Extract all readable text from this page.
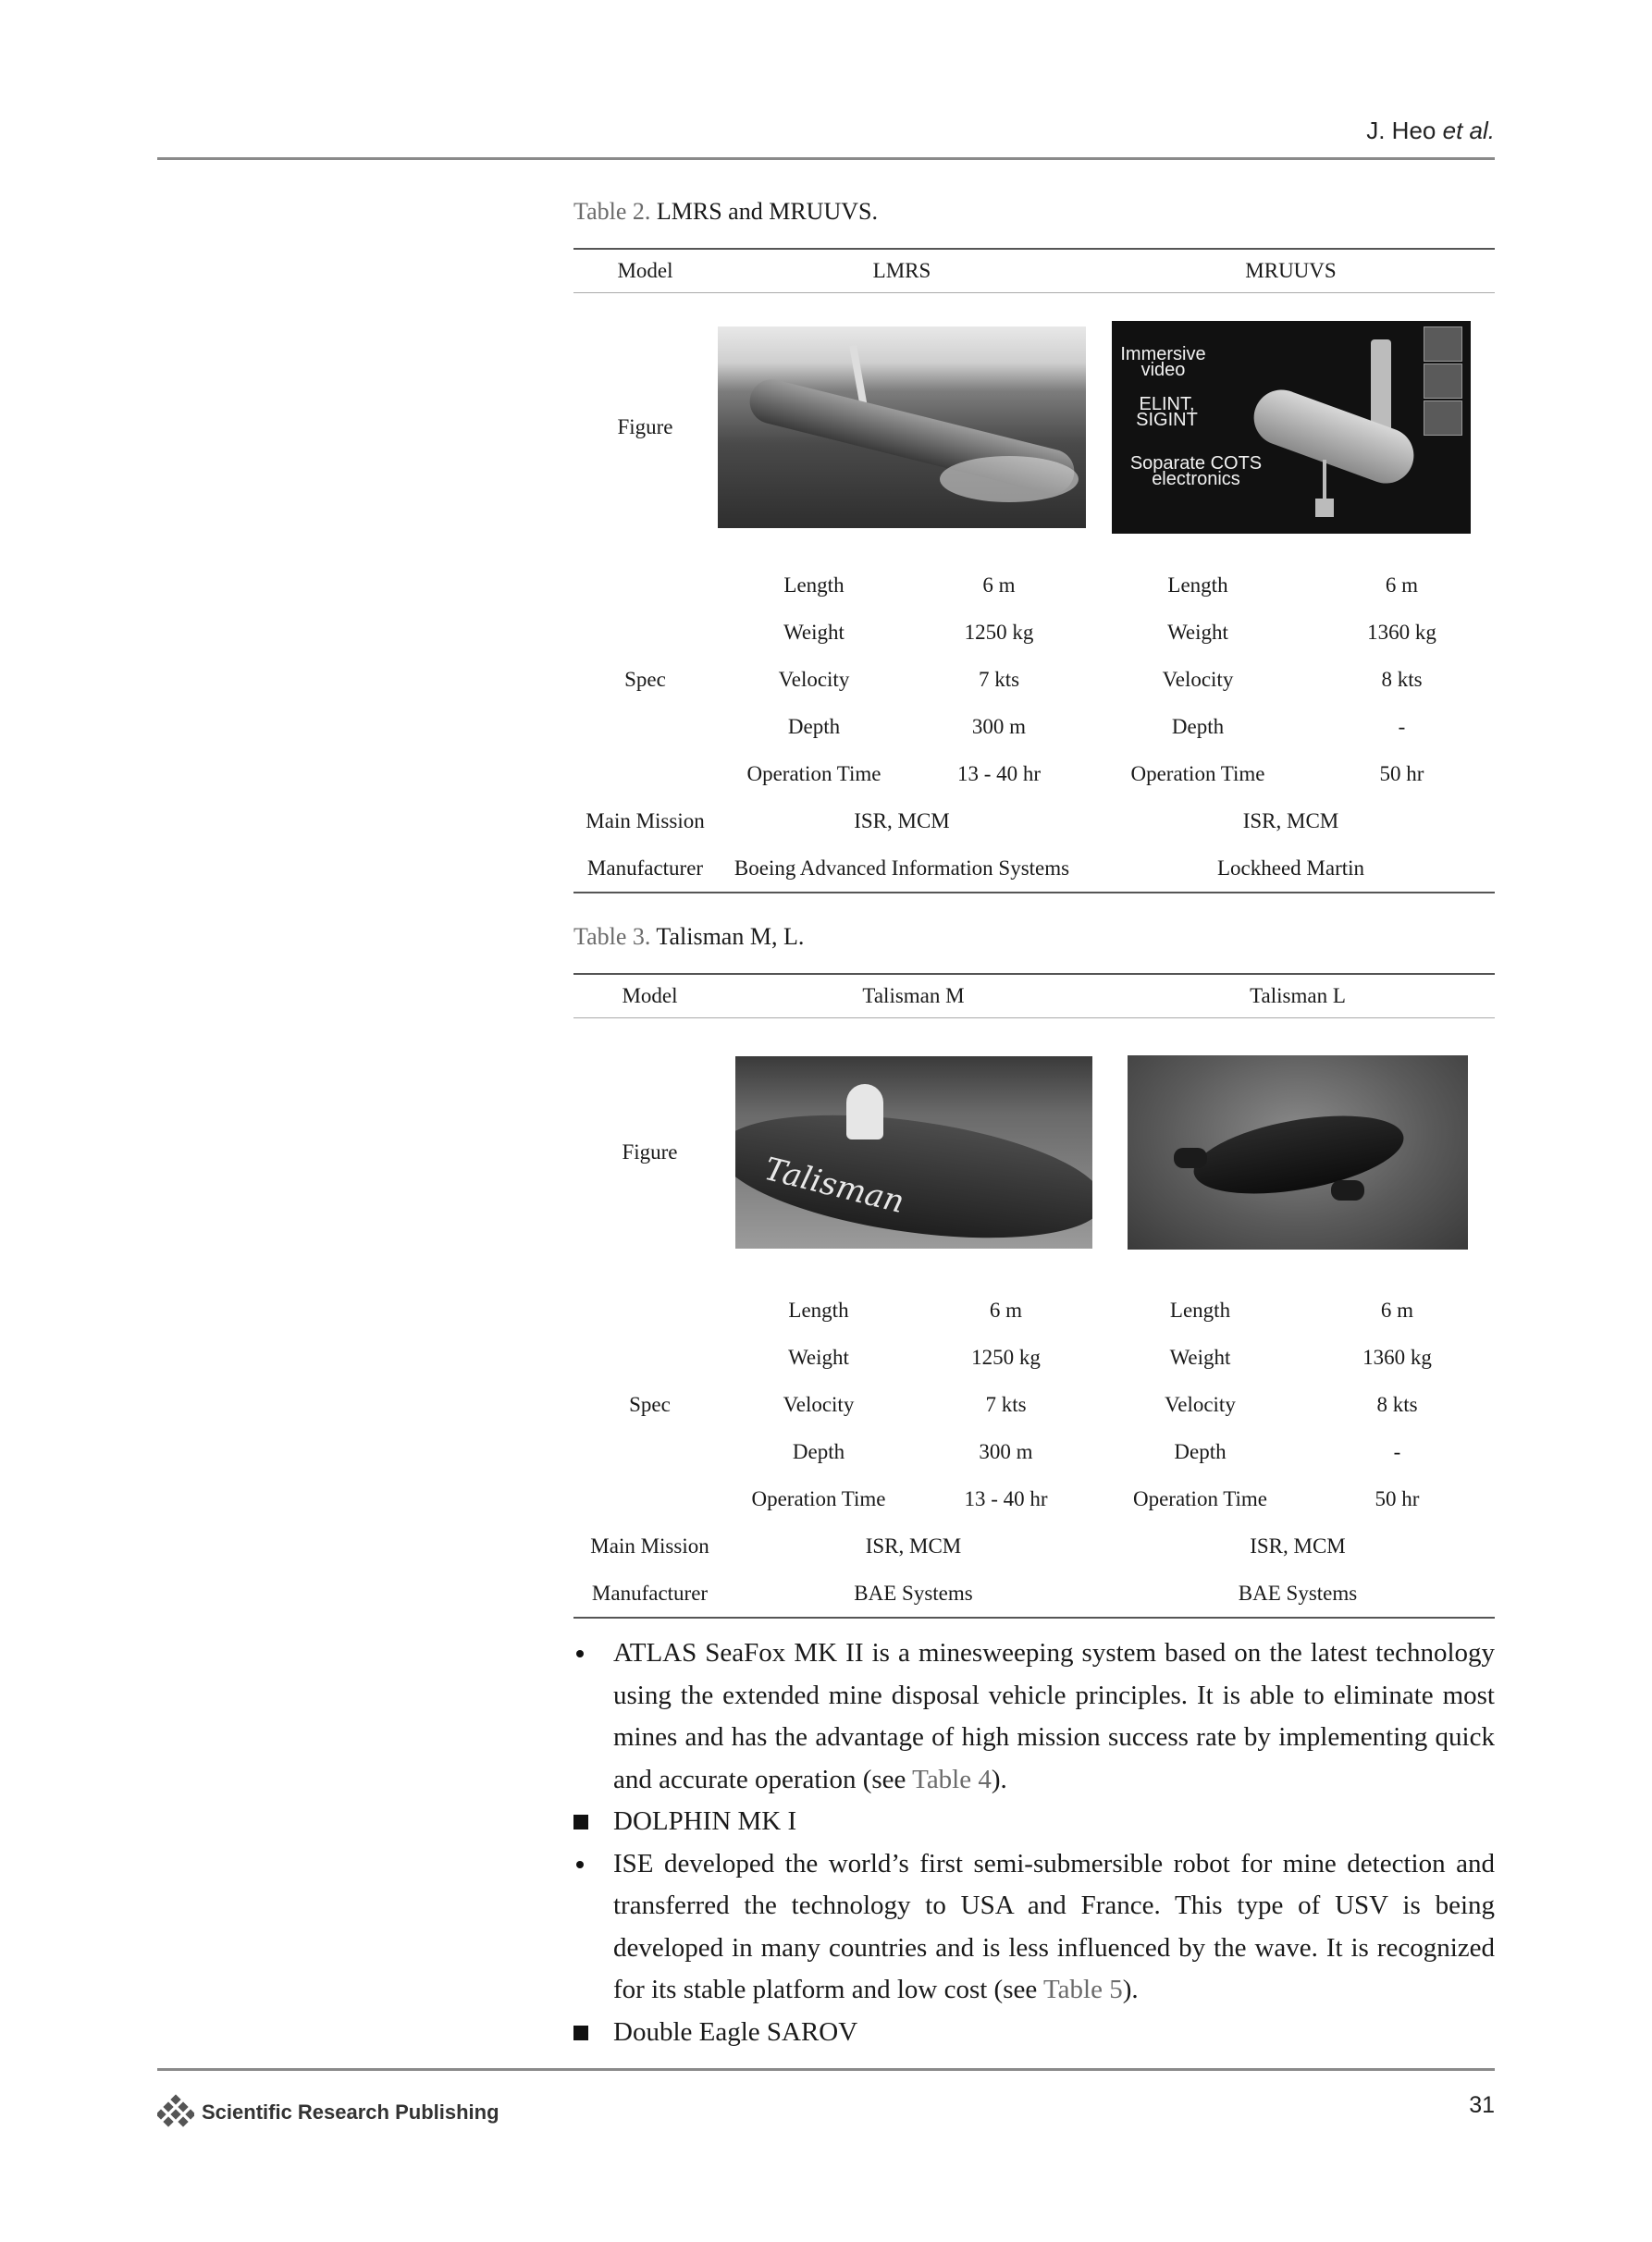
J. Heo et al.
Table 2. LMRS and MRUUVS.
Model	LMRS		MRUUVS	
Figure			Immersive video
ELINT, SIGINT
Soparate COTS electronics	

Spec	Length	6 m	Length	6 m
	Weight	1250 kg	Weight	1360 kg
	Velocity	7 kts	Velocity	8 kts
	Depth	300 m	Depth	-
	Operation Time	13 - 40 hr	Operation Time	50 hr
Main Mission	ISR, MCM		ISR, MCM	
Manufacturer	Boeing Advanced Information Systems		Lockheed Martin	
Table 3. Talisman M, L.
Model	Talisman M		Talisman L	
Figure	Talisman			

Spec	Length	6 m	Length	6 m
	Weight	1250 kg	Weight	1360 kg
	Velocity	7 kts	Velocity	8 kts
	Depth	300 m	Depth	-
	Operation Time	13 - 40 hr	Operation Time	50 hr
Main Mission	ISR, MCM		ISR, MCM	
Manufacturer	BAE Systems		BAE Systems	
ATLAS SeaFox MK II is a minesweeping system based on the latest technology using the extended mine disposal vehicle principles. It is able to eliminate most mines and has the advantage of high mission success rate by implementing quick and accurate operation (see Table 4).
DOLPHIN MK I
ISE developed the world’s first semi-submersible robot for mine detection and transferred the technology to USA and France. This type of USV is being developed in many countries and is less influenced by the wave. It is recognized for its stable platform and low cost (see Table 5).
Double Eagle SAROV
Scientific Research Publishing	31
